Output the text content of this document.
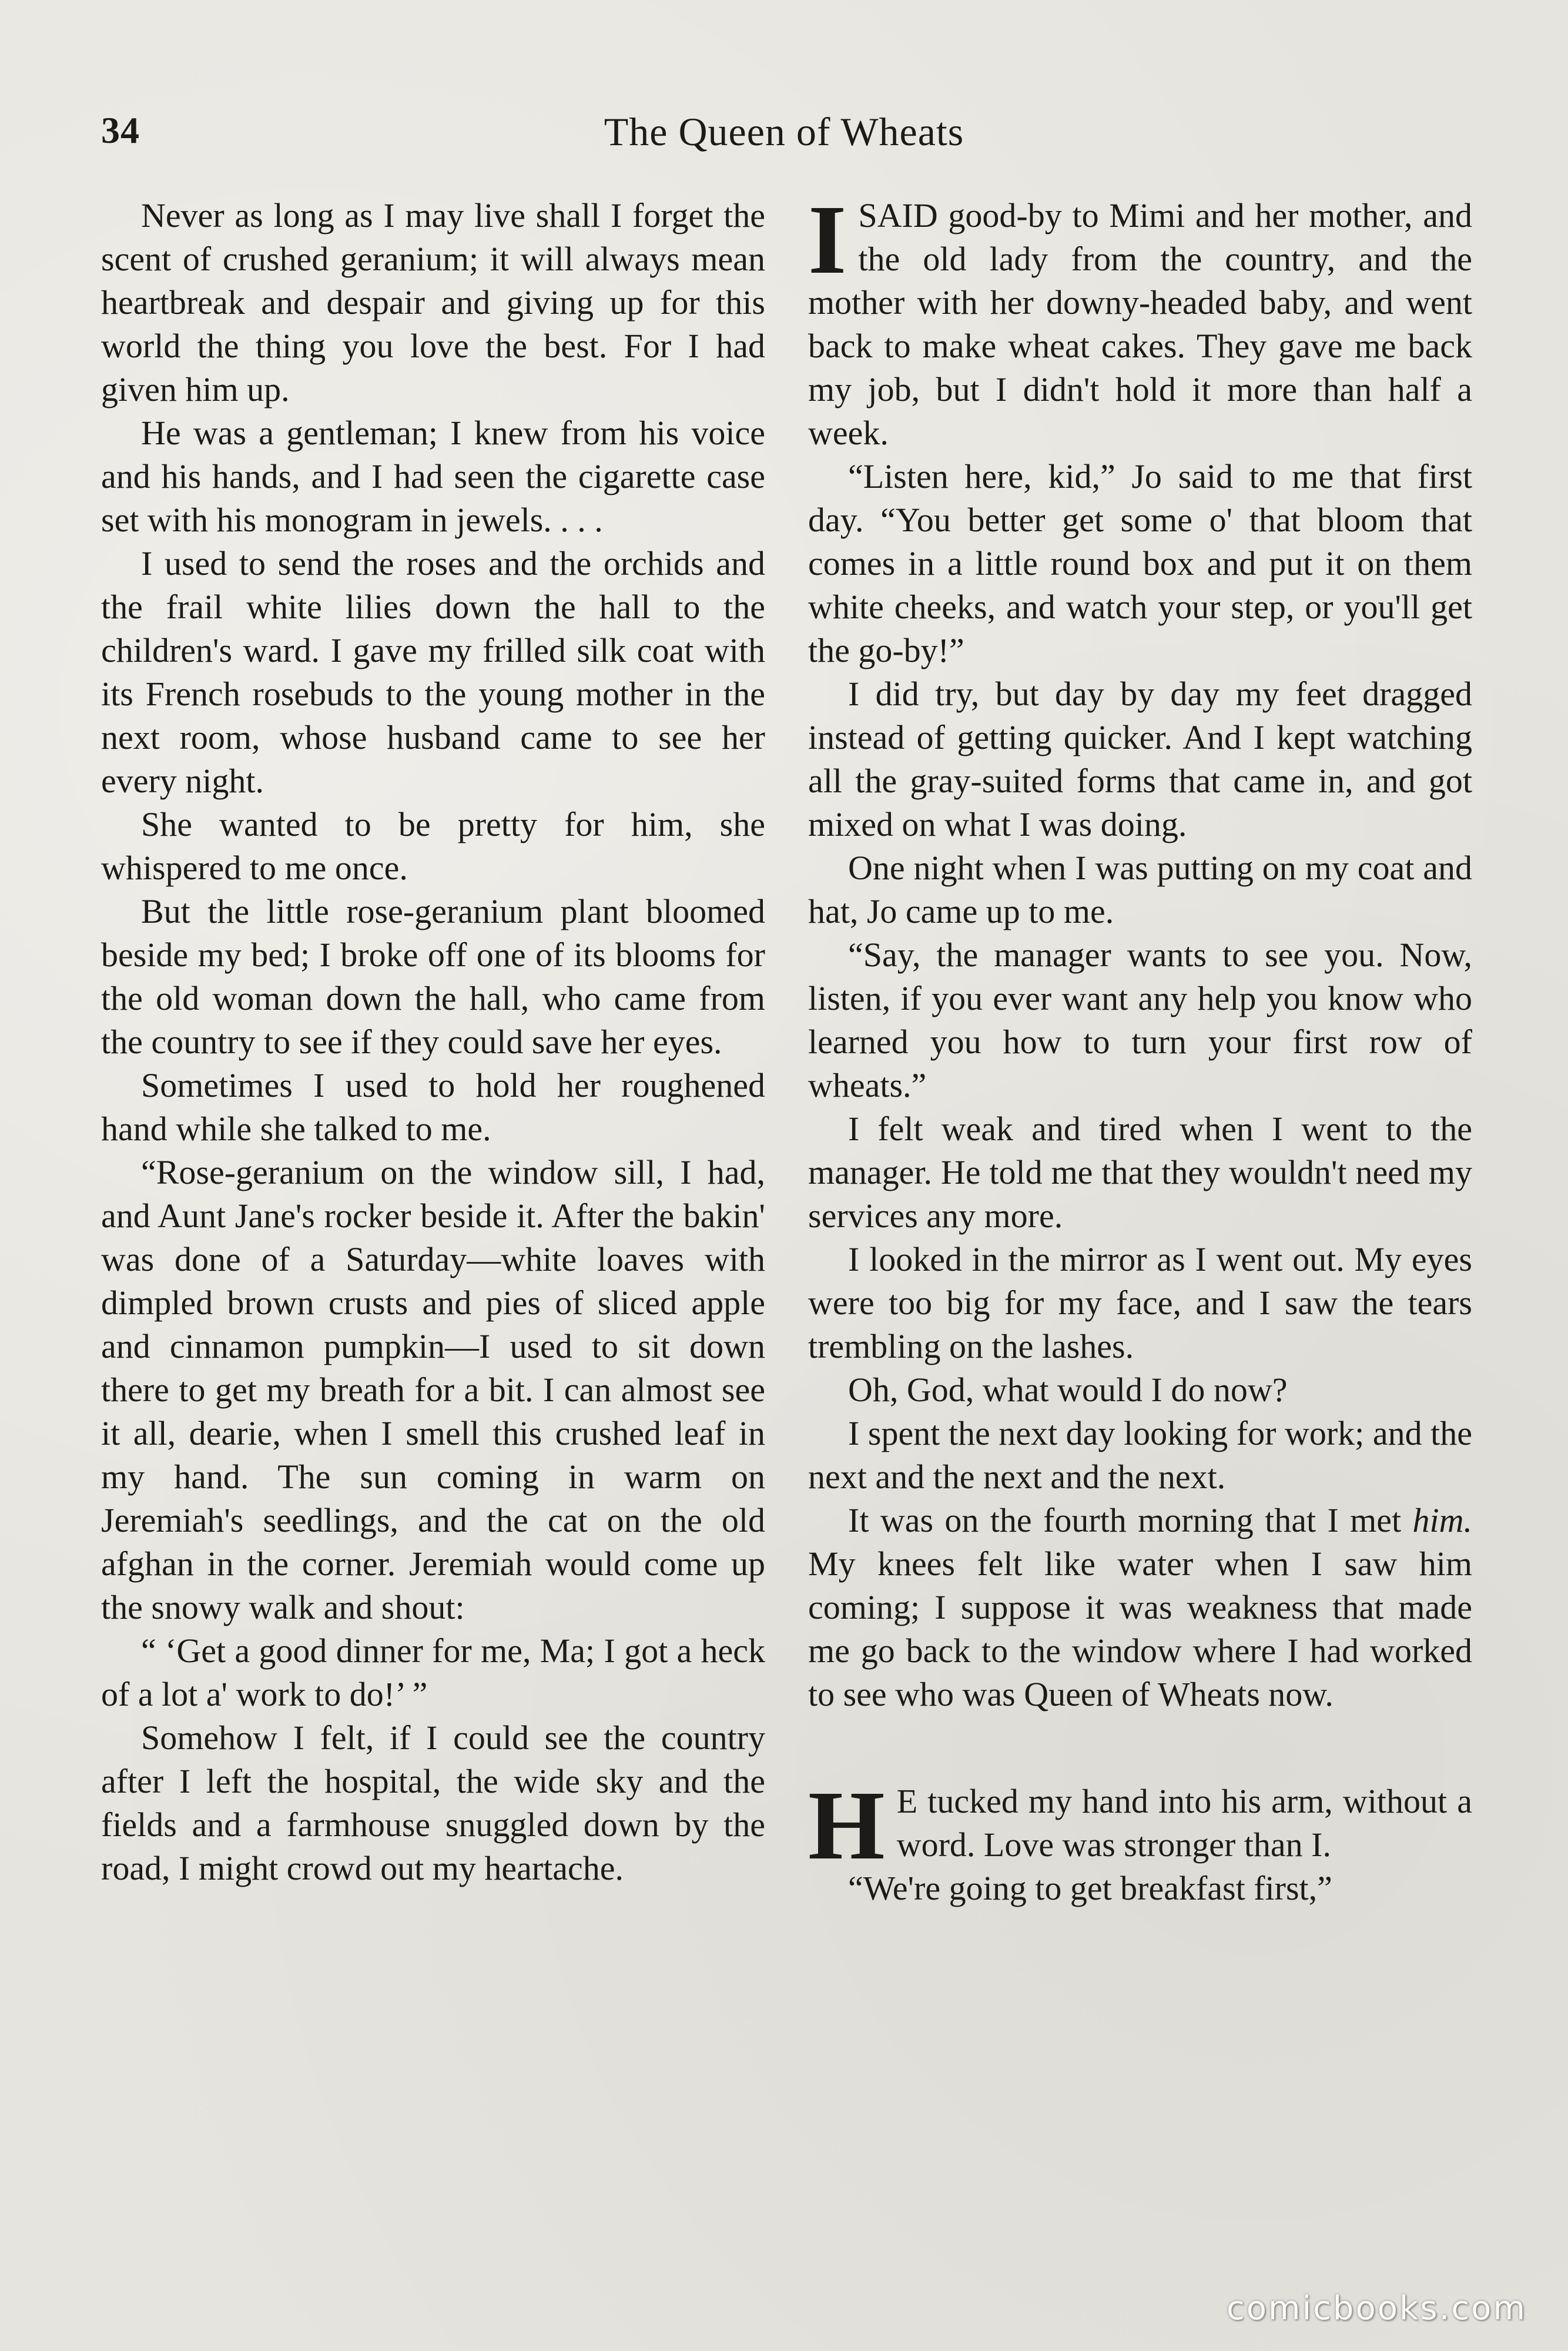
34	The Queen of Wheats

Never as long as I may live shall I forget the scent of crushed geranium; it will always mean heartbreak and despair and giving up for this world the thing you love the best. For I had given him up.

He was a gentleman; I knew from his voice and his hands, and I had seen the cigarette case set with his monogram in jewels. . . .

I used to send the roses and the orchids and the frail white lilies down the hall to the children's ward. I gave my frilled silk coat with its French rosebuds to the young mother in the next room, whose husband came to see her every night.

She wanted to be pretty for him, she whispered to me once.

But the little rose-geranium plant bloomed beside my bed; I broke off one of its blooms for the old woman down the hall, who came from the country to see if they could save her eyes.

Sometimes I used to hold her roughened hand while she talked to me.

“Rose-geranium on the window sill, I had, and Aunt Jane's rocker beside it. After the bakin' was done of a Saturday—white loaves with dimpled brown crusts and pies of sliced apple and cinnamon pumpkin—I used to sit down there to get my breath for a bit. I can almost see it all, dearie, when I smell this crushed leaf in my hand. The sun coming in warm on Jeremiah's seedlings, and the cat on the old afghan in the corner. Jeremiah would come up the snowy walk and shout:

“ ‘Get a good dinner for me, Ma; I got a heck of a lot a' work to do!’ ”

Somehow I felt, if I could see the country after I left the hospital, the wide sky and the fields and a farmhouse snuggled down by the road, I might crowd out my heartache.

ISAID good-by to Mimi and her mother, and the old lady from the country, and the mother with her downy-headed baby, and went back to make wheat cakes. They gave me back my job, but I didn't hold it more than half a week.

“Listen here, kid,” Jo said to me that first day. “You better get some o' that bloom that comes in a little round box and put it on them white cheeks, and watch your step, or you'll get the go-by!”

I did try, but day by day my feet dragged instead of getting quicker. And I kept watching all the gray-suited forms that came in, and got mixed on what I was doing.

One night when I was putting on my coat and hat, Jo came up to me.

“Say, the manager wants to see you. Now, listen, if you ever want any help you know who learned you how to turn your first row of wheats.”

I felt weak and tired when I went to the manager. He told me that they wouldn't need my services any more.

I looked in the mirror as I went out. My eyes were too big for my face, and I saw the tears trembling on the lashes.

Oh, God, what would I do now?

I spent the next day looking for work; and the next and the next and the next.

It was on the fourth morning that I met him. My knees felt like water when I saw him coming; I suppose it was weakness that made me go back to the window where I had worked to see who was Queen of Wheats now.

H E tucked my hand into his arm, without a word. Love was stronger than I.

“We're going to get breakfast first,”

comicbooks.com
